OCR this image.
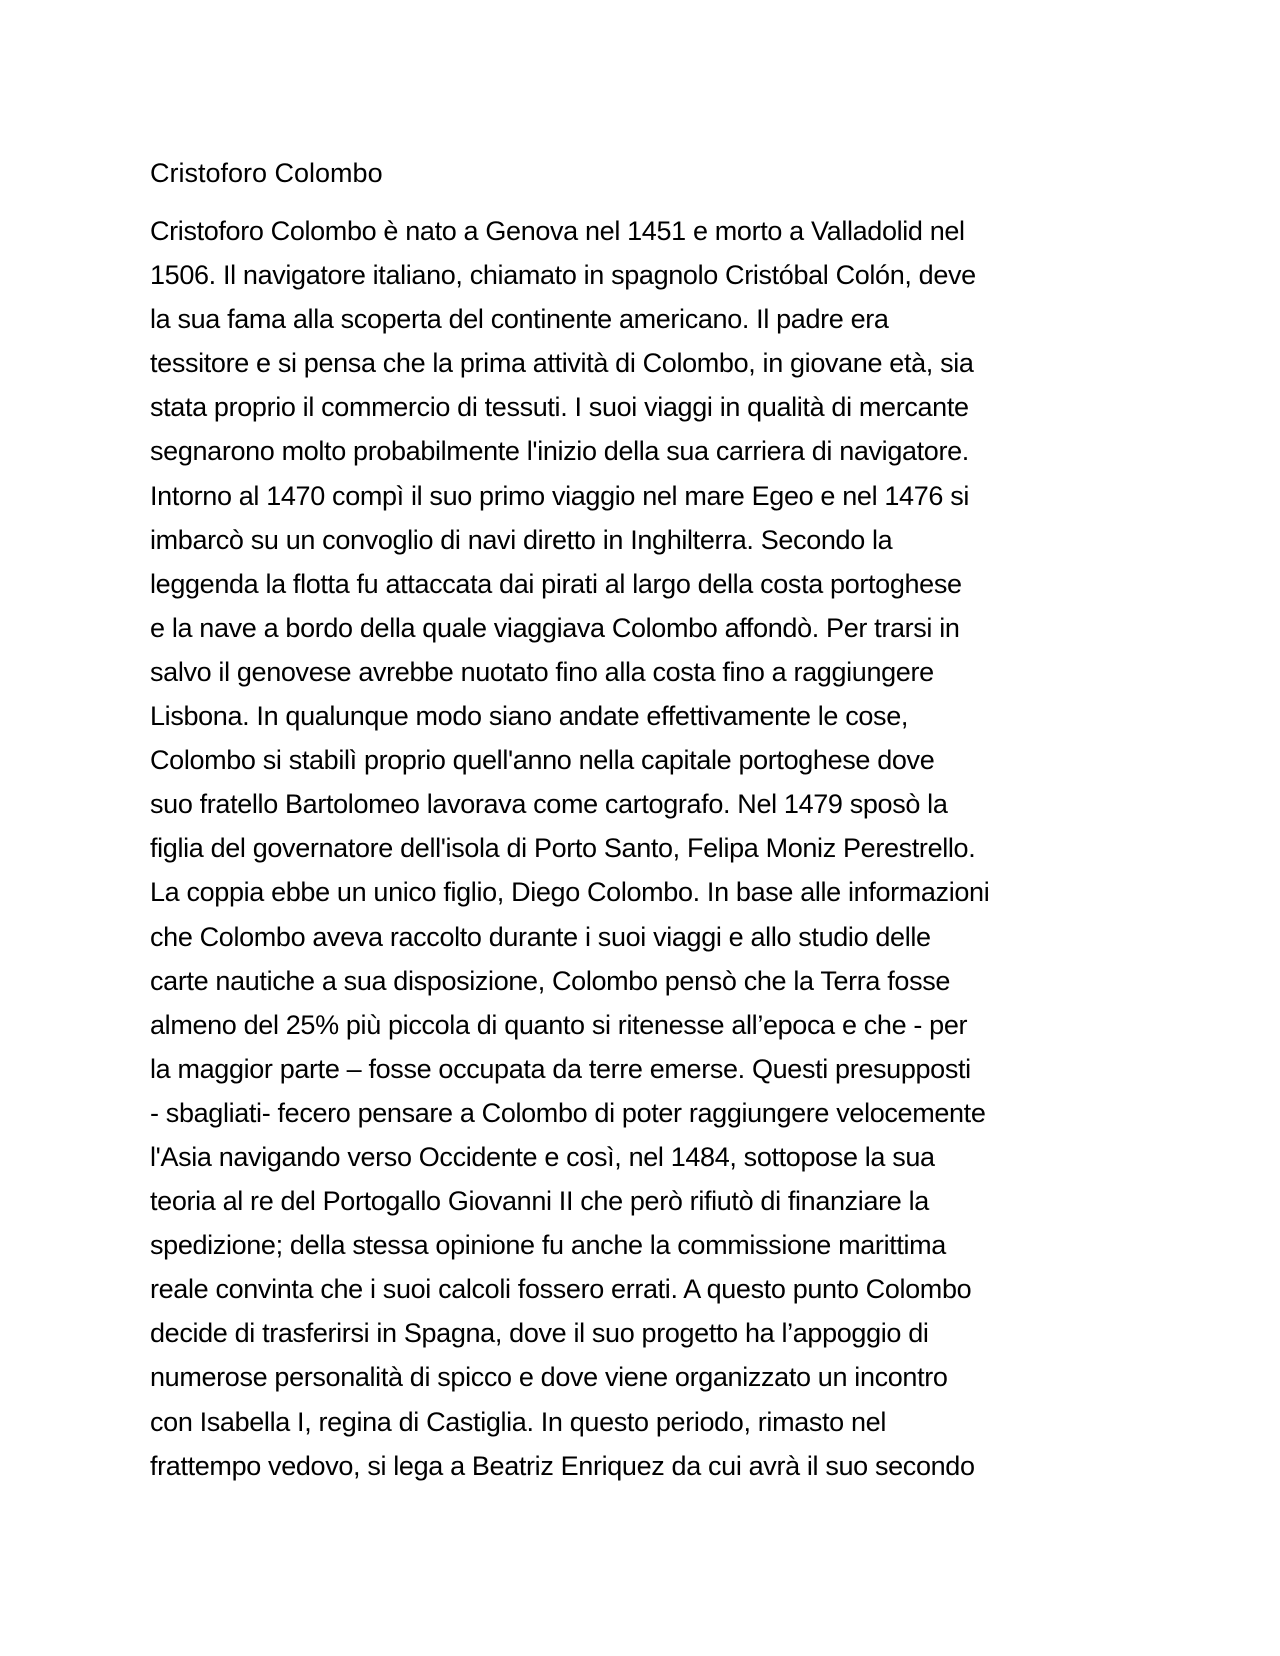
Cristoforo Colombo
Cristoforo Colombo è nato a Genova nel 1451 e morto a Valladolid nel
1506. Il navigatore italiano, chiamato in spagnolo Cristóbal Colón, deve
la sua fama alla scoperta del continente americano. Il padre era
tessitore e si pensa che la prima attività di Colombo, in giovane età, sia
stata proprio il commercio di tessuti. I suoi viaggi in qualità di mercante
segnarono molto probabilmente l'inizio della sua carriera di navigatore.
Intorno al 1470 compì il suo primo viaggio nel mare Egeo e nel 1476 si
imbarcò su un convoglio di navi diretto in Inghilterra. Secondo la
leggenda la flotta fu attaccata dai pirati al largo della costa portoghese
e la nave a bordo della quale viaggiava Colombo affondò. Per trarsi in
salvo il genovese avrebbe nuotato fino alla costa fino a raggiungere
Lisbona. In qualunque modo siano andate effettivamente le cose,
Colombo si stabilì proprio quell'anno nella capitale portoghese dove
suo fratello Bartolomeo lavorava come cartografo. Nel 1479 sposò la
figlia del governatore dell'isola di Porto Santo, Felipa Moniz Perestrello.
La coppia ebbe un unico figlio, Diego Colombo. In base alle informazioni
che Colombo aveva raccolto durante i suoi viaggi e allo studio delle
carte nautiche a sua disposizione, Colombo pensò che la Terra fosse
almeno del 25% più piccola di quanto si ritenesse all’epoca e che - per
la maggior parte – fosse occupata da terre emerse. Questi presupposti
- sbagliati- fecero pensare a Colombo di poter raggiungere velocemente
l'Asia navigando verso Occidente e così, nel 1484, sottopose la sua
teoria al re del Portogallo Giovanni II che però rifiutò di finanziare la
spedizione; della stessa opinione fu anche la commissione marittima
reale convinta che i suoi calcoli fossero errati. A questo punto Colombo
decide di trasferirsi in Spagna, dove il suo progetto ha l’appoggio di
numerose personalità di spicco e dove viene organizzato un incontro
con Isabella I, regina di Castiglia. In questo periodo, rimasto nel
frattempo vedovo, si lega a Beatriz Enriquez da cui avrà il suo secondo
